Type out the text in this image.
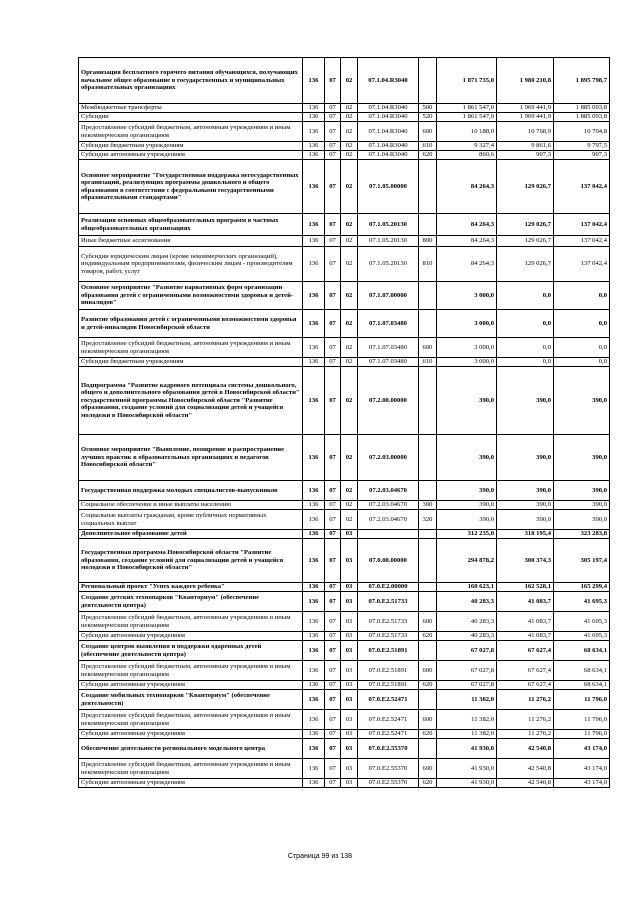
Организация бесплатного горячего питания обучающихся, получающих начальное общее образование в государственных и муниципальных образовательных организациях	136	07	02	07.1.04.R3040		1 871 735,0	1 980 210,8	1 895 798,7
Межбюджетные трансферты	136	07	02	07.1.04.R3040	500	1 861 547,0	1 969 441,9	1 885 093,8
Субсидии	136	07	02	07.1.04.R3040	520	1 861 547,0	1 969 441,9	1 885 093,8
Предоставление субсидий бюджетным, автономным учреждениям и иным некоммерческим организациям	136	07	02	07.1.04.R3040	600	10 188,0	10 768,9	10 704,8
Субсидии бюджетным учреждениям	136	07	02	07.1.04.R3040	610	9 327,4	9 861,6	9 797,5
Субсидии автономным учреждениям	136	07	02	07.1.04.R3040	620	860,6	907,3	907,3
Основное мероприятие "Государственная поддержка негосударственных организаций, реализующих программы дошкольного и общего образования в соответствии с федеральными государственными образовательными стандартами"	136	07	02	07.1.05.00000		84 264,3	129 026,7	137 042,4
Реализация основных общеобразовательных программ в частных общеобразовательных организациях	136	07	02	07.1.05.20130		84 264,3	129 026,7	137 042,4
Иные бюджетные ассигнования	136	07	02	07.1.05.20130	800	84 264,3	129 026,7	137 042,4
Субсидии юридическим лицам (кроме некоммерческих организаций), индивидуальным предпринимателям, физическим лицам - производителям товаров, работ, услуг	136	07	02	07.1.05.20130	810	84 264,3	129 026,7	137 042,4
Основное мероприятие "Развитие вариативных форм организации образования детей с ограниченными возможностями здоровья и детей-инвалидов"	136	07	02	07.1.07.00000		3 000,0	0,0	0,0
Развитие образования детей с ограниченными возможностями здоровья и детей-инвалидов Новосибирской области	136	07	02	07.1.07.03480		3 000,0	0,0	0,0
Предоставление субсидий бюджетным, автономным учреждениям и иным некоммерческим организациям	136	07	02	07.1.07.03480	600	3 000,0	0,0	0,0
Субсидии бюджетным учреждениям	136	07	02	07.1.07.03480	610	3 000,0	0,0	0,0
Подпрограмма "Развитие кадрового потенциала системы дошкольного, общего и дополнительного образования детей в Новосибирской области" государственной программы Новосибирской области "Развитие образования, создание условий для социализации детей и учащейся молодежи в Новосибирской области"	136	07	02	07.2.00.00000		390,0	390,0	390,0
Основное мероприятие "Выявление, поощрение и распространение лучших практик в образовательных организациях и педагогов Новосибирской области"	136	07	02	07.2.03.00000		390,0	390,0	390,0
Государственная поддержка молодых специалистов-выпускников	136	07	02	07.2.03.04670		390,0	390,0	390,0
Социальное обеспечение и иные выплаты населению	136	07	02	07.2.03.04670	300	390,0	390,0	390,0
Социальные выплаты гражданам, кроме публичных нормативных социальных выплат	136	07	02	07.2.03.04670	320	390,0	390,0	390,0
Дополнительное образование детей	136	07	03			312 235,0	318 195,4	323 283,8
Государственная программа Новосибирской области "Развитие образования, создание условий для социализации детей и учащейся молодежи в Новосибирской области"	136	07	03	07.0.00.00000		294 878,2	300 374,3	305 197,4
Региональный проект "Успех каждого ребенка"	136	07	03	07.0.E2.00000		160 623,1	162 528,1	165 299,4
Создание детских технопарков "Кванториум" (обеспечение деятельности центра)	136	07	03	07.0.E2.51733		40 283,3	41 083,7	41 695,3
Предоставление субсидий бюджетным, автономным учреждениям и иным некоммерческим организациям	136	07	03	07.0.E2.51733	600	40 283,3	41 083,7	41 695,3
Субсидии автономным учреждениям	136	07	03	07.0.E2.51733	620	40 283,3	41 083,7	41 695,3
Создание центров выявления и поддержки одаренных детей (обеспечение деятельности центра)	136	07	03	07.0.E2.51891		67 027,8	67 627,4	68 634,1
Предоставление субсидий бюджетным, автономным учреждениям и иным некоммерческим организациям	136	07	03	07.0.E2.51891	600	67 027,8	67 627,4	68 634,1
Субсидии автономным учреждениям	136	07	03	07.0.E2.51891	620	67 027,8	67 627,4	68 634,1
Создание мобильных технопарков "Кванториум" (обеспечение деятельности)	136	07	03	07.0.E2.52471		11 382,0	11 276,2	11 796,0
Предоставление субсидий бюджетным, автономным учреждениям и иным некоммерческим организациям	136	07	03	07.0.E2.52471	600	11 382,0	11 276,2	11 796,0
Субсидии автономным учреждениям	136	07	03	07.0.E2.52471	620	11 382,0	11 276,2	11 796,0
Обеспечение деятельности регионального модельного центра	136	07	03	07.0.E2.55370		41 930,0	42 540,8	43 174,0
Предоставление субсидий бюджетным, автономным учреждениям и иным некоммерческим организациям	136	07	03	07.0.E2.55370	600	41 930,0	42 540,8	43 174,0
Субсидии автономным учреждениям	136	07	03	07.0.E2.55370	620	41 930,0	42 540,8	43 174,0
Страница 99 из 138
